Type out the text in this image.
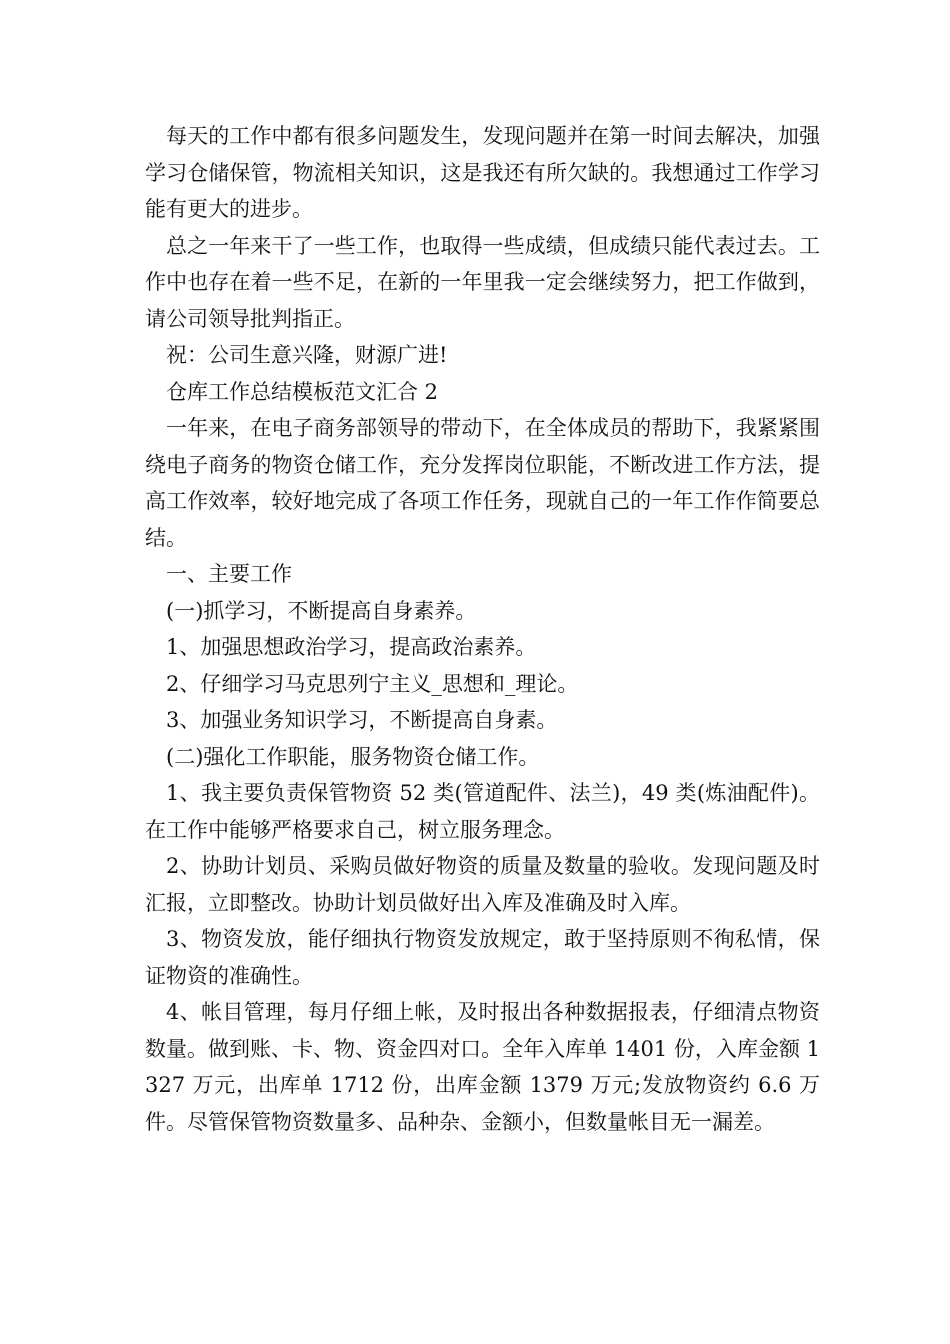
每天的工作中都有很多问题发生，发现问题并在第一时间去解决，加强学习仓储保管，物流相关知识，这是我还有所欠缺的。我想通过工作学习能有更大的进步。

总之一年来干了一些工作，也取得一些成绩，但成绩只能代表过去。工作中也存在着一些不足，在新的一年里我一定会继续努力，把工作做到，请公司领导批判指正。

祝：公司生意兴隆，财源广进!

仓库工作总结模板范文汇合 2

一年来，在电子商务部领导的带动下，在全体成员的帮助下，我紧紧围绕电子商务的物资仓储工作，充分发挥岗位职能，不断改进工作方法，提高工作效率，较好地完成了各项工作任务，现就自己的一年工作作简要总结。

一、主要工作

(一)抓学习，不断提高自身素养。

1、加强思想政治学习，提高政治素养。

2、仔细学习马克思列宁主义_思想和_理论。

3、加强业务知识学习，不断提高自身素。

(二)强化工作职能，服务物资仓储工作。

1、我主要负责保管物资 52 类(管道配件、法兰)，49 类(炼油配件)。在工作中能够严格要求自己，树立服务理念。

2、协助计划员、采购员做好物资的质量及数量的验收。发现问题及时汇报，立即整改。协助计划员做好出入库及准确及时入库。

3、物资发放，能仔细执行物资发放规定，敢于坚持原则不徇私情，保证物资的准确性。

4、帐目管理，每月仔细上帐，及时报出各种数据报表，仔细清点物资数量。做到账、卡、物、资金四对口。全年入库单 1401 份，入库金额 1327 万元，出库单 1712 份，出库金额 1379 万元;发放物资约 6.6 万件。尽管保管物资数量多、品种杂、金额小，但数量帐目无一漏差。
